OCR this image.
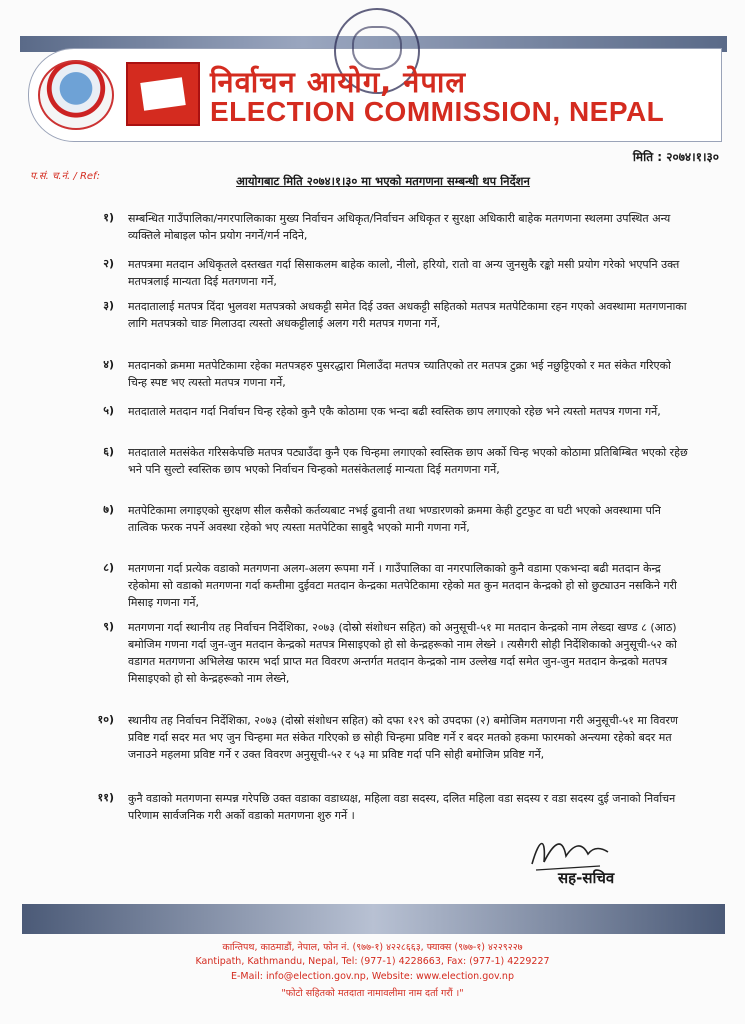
निर्वाचन आयोग, नेपाल
ELECTION COMMISSION, NEPAL
मिति : २०७४।१।३०
प.सं. च.नं. / Ref:	आयोगबाट मिति २०७४।१।३० मा भएको मतगणना सम्बन्धी थप निर्देशन
१) सम्बन्धित गाउँपालिका/नगरपालिकाका मुख्य निर्वाचन अधिकृत/निर्वाचन अधिकृत र सुरक्षा अधिकारी बाहेक मतगणना स्थलमा उपस्थित अन्य व्यक्तिले मोबाइल फोन प्रयोग नगर्ने/गर्न नदिने,
२) मतपत्रमा मतदान अधिकृतले दस्तखत गर्दा सिसाकलम बाहेक कालो, नीलो, हरियो, रातो वा अन्य जुनसुकै रङ्को मसी प्रयोग गरेको भएपनि उक्त मतपत्रलाई मान्यता दिई मतगणना गर्ने,
३) मतदातालाई मतपत्र दिंदा भुलवश मतपत्रको अधकट्टी समेत दिई उक्त अधकट्टी सहितको मतपत्र मतपेटिकामा रहन गएको अवस्थामा मतगणनाका लागि मतपत्रको चाङ मिलाउदा त्यस्तो अधकट्टीलाई अलग गरी मतपत्र गणना गर्ने,
४) मतदानको क्रममा मतपेटिकामा रहेका मतपत्रहरु पुसरद्धारा मिलाउँदा मतपत्र च्यातिएको तर मतपत्र टुक्रा भई नछुट्टिएको र मत संकेत गरिएको चिन्ह स्पष्ट भए त्यस्तो मतपत्र गणना गर्ने,
५) मतदाताले मतदान गर्दा निर्वाचन चिन्ह रहेको कुनै एकै कोठामा एक भन्दा बढी स्वस्तिक छाप लगाएको रहेछ भने त्यस्तो मतपत्र गणना गर्ने,
६) मतदाताले मतसंकेत गरिसकेपछि मतपत्र पट्याउँदा कुनै एक चिन्हमा लगाएको स्वस्तिक छाप अर्को चिन्ह भएको कोठामा प्रतिबिम्बित भएको रहेछ भने पनि सुल्टो स्वस्तिक छाप भएको निर्वाचन चिन्हको मतसंकेतलाई मान्यता दिई मतगणना गर्ने,
७) मतपेटिकामा लगाइएको सुरक्षण सील कसैको कर्तव्यबाट नभई ढुवानी तथा भण्डारणको क्रममा केही टुटफुट वा घटी भएको अवस्थामा पनि तात्विक फरक नपर्ने अवस्था रहेको भए त्यस्ता मतपेटिका साबुदै भएको मानी गणना गर्ने,
८) मतगणना गर्दा प्रत्येक वडाको मतगणना अलग-अलग रूपमा गर्ने । गाउँपालिका वा नगरपालिकाको कुनै वडामा एकभन्दा बढी मतदान केन्द्र रहेकोमा सो वडाको मतगणना गर्दा कम्तीमा दुईवटा मतदान केन्द्रका मतपेटिकामा रहेको मत कुन मतदान केन्द्रको हो सो छुट्याउन नसकिने गरी मिसाइ गणना गर्ने,
९) मतगणना गर्दा स्थानीय तह निर्वाचन निर्देशिका, २०७३ (दोस्रो संशोधन सहित) को अनुसूची-५१ मा मतदान केन्द्रको नाम लेख्दा खण्ड ८ (आठ) बमोजिम गणना गर्दा जुन-जुन मतदान केन्द्रको मतपत्र मिसाइएको हो सो केन्द्रहरूको नाम लेख्ने । त्यसैगरी सोही निर्देशिकाको अनुसूची-५२ को वडागत मतगणना अभिलेख फारम भर्दा प्राप्त मत विवरण अन्तर्गत मतदान केन्द्रको नाम उल्लेख गर्दा समेत जुन-जुन मतदान केन्द्रको मतपत्र मिसाइएको हो सो केन्द्रहरूको नाम लेख्ने,
१०) स्थानीय तह निर्वाचन निर्देशिका, २०७३ (दोस्रो संशोधन सहित) को दफा १२९ को उपदफा (२) बमोजिम मतगणना गरी अनुसूची-५१ मा विवरण प्रविष्ट गर्दा सदर मत भए जुन चिन्हमा मत संकेत गरिएको छ सोही चिन्हमा प्रविष्ट गर्ने र बदर मतको हकमा फारमको अन्त्यमा रहेको बदर मत जनाउने महलमा प्रविष्ट गर्ने र उक्त विवरण अनुसूची-५२ र ५३ मा प्रविष्ट गर्दा पनि सोही बमोजिम प्रविष्ट गर्ने,
११) कुनै वडाको मतगणना सम्पन्न गरेपछि उक्त वडाका वडाध्यक्ष, महिला वडा सदस्य, दलित महिला वडा सदस्य र वडा सदस्य दुई जनाको निर्वाचन परिणाम सार्वजनिक गरी अर्को वडाको मतगणना शुरु गर्ने ।
सह-सचिव
कान्तिपथ, काठमाडौं, नेपाल, फोन नं. (९७७-१) ४२२८६६३, फ्याक्स (९७७-१) ४२२९२२७
Kantipath, Kathmandu, Nepal, Tel: (977-1) 4228663, Fax: (977-1) 4229227
E-Mail: info@election.gov.np, Website: www.election.gov.np
"फोटो सहितको मतदाता नामावलीमा नाम दर्ता गरौं ।"
